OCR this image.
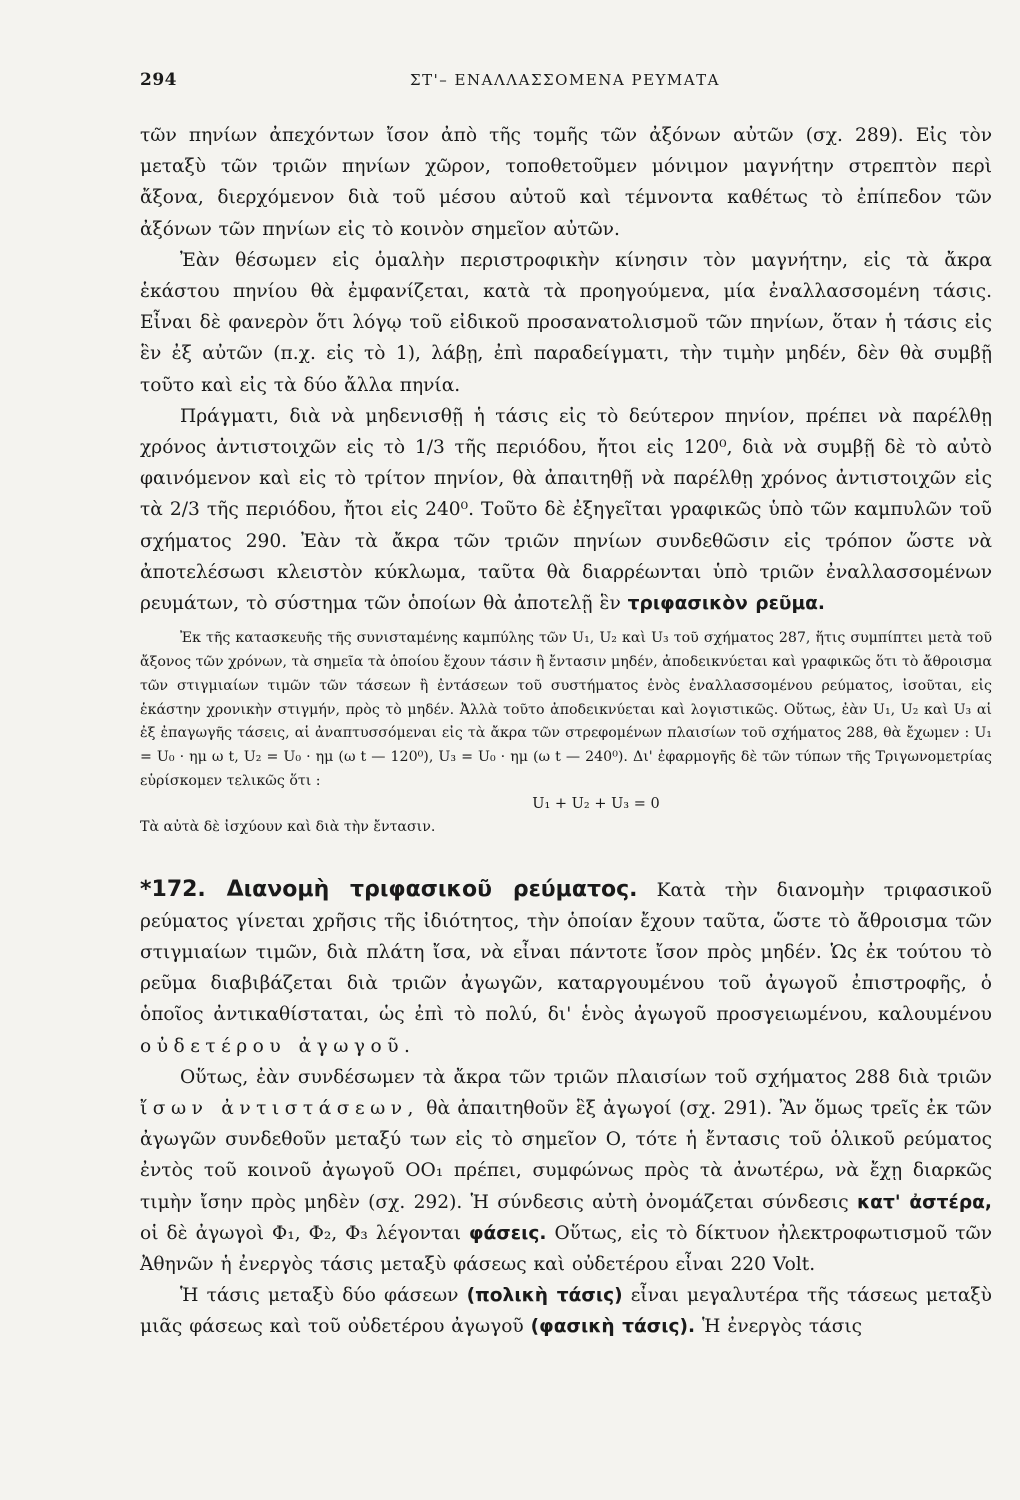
294	ΣΤ'– ΕΝΑΛΛΑΣΣΟΜΕΝΑ ΡΕΥΜΑΤΑ

τῶν πηνίων ἀπεχόντων ἴσον ἀπὸ τῆς τομῆς τῶν ἀξόνων αὐτῶν (σχ. 289). Εἰς τὸν μεταξὺ τῶν τριῶν πηνίων χῶρον, τοποθετοῦμεν μόνιμον μαγνήτην στρεπτὸν περὶ ἄξονα, διερχόμενον διὰ τοῦ μέσου αὐτοῦ καὶ τέμνοντα καθέτως τὸ ἐπίπεδον τῶν ἀξόνων τῶν πηνίων εἰς τὸ κοινὸν σημεῖον αὐτῶν.

Ἐὰν θέσωμεν εἰς ὁμαλὴν περιστροφικὴν κίνησιν τὸν μαγνήτην, εἰς τὰ ἄκρα ἑκάστου πηνίου θὰ ἐμφανίζεται, κατὰ τὰ προηγούμενα, μία ἐναλλασσομένη τάσις. Εἶναι δὲ φανερὸν ὅτι λόγῳ τοῦ εἰδικοῦ προσανατολισμοῦ τῶν πηνίων, ὅταν ἡ τάσις εἰς ἓν ἐξ αὐτῶν (π.χ. εἰς τὸ 1), λάβῃ, ἐπὶ παραδείγματι, τὴν τιμὴν μηδέν, δὲν θὰ συμβῇ τοῦτο καὶ εἰς τὰ δύο ἄλλα πηνία.

Πράγματι, διὰ νὰ μηδενισθῇ ἡ τάσις εἰς τὸ δεύτερον πηνίον, πρέπει νὰ παρέλθῃ χρόνος ἀντιστοιχῶν εἰς τὸ 1/3 τῆς περιόδου, ἤτοι εἰς 120⁰, διὰ νὰ συμβῇ δὲ τὸ αὐτὸ φαινόμενον καὶ εἰς τὸ τρίτον πηνίον, θὰ ἀπαιτηθῇ νὰ παρέλθῃ χρόνος ἀντιστοιχῶν εἰς τὰ 2/3 τῆς περιόδου, ἤτοι εἰς 240⁰. Τοῦτο δὲ ἐξηγεῖται γραφικῶς ὑπὸ τῶν καμπυλῶν τοῦ σχήματος 290. Ἐὰν τὰ ἄκρα τῶν τριῶν πηνίων συνδεθῶσιν εἰς τρόπον ὥστε νὰ ἀποτελέσωσι κλειστὸν κύκλωμα, ταῦτα θὰ διαρρέωνται ὑπὸ τριῶν ἐναλλασσομένων ρευμάτων, τὸ σύστημα τῶν ὁποίων θὰ ἀποτελῇ ἓν τριφασικὸν ρεῦμα.

Ἐκ τῆς κατασκευῆς τῆς συνισταμένης καμπύλης τῶν U₁, U₂ καὶ U₃ τοῦ σχήματος 287, ἥτις συμπίπτει μετὰ τοῦ ἄξονος τῶν χρόνων, τὰ σημεῖα τὰ ὁποίου ἔχουν τάσιν ἢ ἔντασιν μηδέν, ἀποδεικνύεται καὶ γραφικῶς ὅτι τὸ ἄθροισμα τῶν στιγμιαίων τιμῶν τῶν τάσεων ἢ ἐντάσεων τοῦ συστήματος ἑνὸς ἐναλλασσομένου ρεύματος, ἰσοῦται, εἰς ἑκάστην χρονικὴν στιγμήν, πρὸς τὸ μηδέν. Ἀλλὰ τοῦτο ἀποδεικνύεται καὶ λογιστικῶς. Οὕτως, ἐὰν U₁, U₂ καὶ U₃ αἱ ἐξ ἐπαγωγῆς τάσεις, αἱ ἀναπτυσσόμεναι εἰς τὰ ἄκρα τῶν στρεφομένων πλαισίων τοῦ σχήματος 288, θὰ ἔχωμεν : U₁ = U₀ · ημ ω t, U₂ = U₀ · ημ (ω t — 120⁰), U₃ = U₀ · ημ (ω t — 240⁰). Δι' ἐφαρμογῆς δὲ τῶν τύπων τῆς Τριγωνομετρίας εὑρίσκομεν τελικῶς ὅτι :

U₁ + U₂ + U₃ = 0

Τὰ αὐτὰ δὲ ἰσχύουν καὶ διὰ τὴν ἔντασιν.

*172. Διανομὴ τριφασικοῦ ρεύματος. Κατὰ τὴν διανομὴν τριφασικοῦ ρεύματος γίνεται χρῆσις τῆς ἰδιότητος, τὴν ὁποίαν ἔχουν ταῦτα, ὥστε τὸ ἄθροισμα τῶν στιγμιαίων τιμῶν, διὰ πλάτη ἴσα, νὰ εἶναι πάντοτε ἴσον πρὸς μηδέν. Ὡς ἐκ τούτου τὸ ρεῦμα διαβιβάζεται διὰ τριῶν ἀγωγῶν, καταργουμένου τοῦ ἀγωγοῦ ἐπιστροφῆς, ὁ ὁποῖος ἀντικαθίσταται, ὡς ἐπὶ τὸ πολύ, δι' ἑνὸς ἀγωγοῦ προσγειωμένου, καλουμένου οὐδετέρου ἀγωγοῦ.

Οὕτως, ἐὰν συνδέσωμεν τὰ ἄκρα τῶν τριῶν πλαισίων τοῦ σχήματος 288 διὰ τριῶν ἴσων ἀντιστάσεων, θὰ ἀπαιτηθοῦν ἓξ ἀγωγοί (σχ. 291). Ἂν ὅμως τρεῖς ἐκ τῶν ἀγωγῶν συνδεθοῦν μεταξύ των εἰς τὸ σημεῖον Ο, τότε ἡ ἔντασις τοῦ ὁλικοῦ ρεύματος ἐντὸς τοῦ κοινοῦ ἀγωγοῦ ΟΟ₁ πρέπει, συμφώνως πρὸς τὰ ἀνωτέρω, νὰ ἔχῃ διαρκῶς τιμὴν ἴσην πρὸς μηδὲν (σχ. 292). Ἡ σύνδεσις αὐτὴ ὀνομάζεται σύνδεσις κατ' ἀστέρα, οἱ δὲ ἀγωγοὶ Φ₁, Φ₂, Φ₃ λέγονται φάσεις. Οὕτως, εἰς τὸ δίκτυον ἠλεκτροφωτισμοῦ τῶν Ἀθηνῶν ἡ ἐνεργὸς τάσις μεταξὺ φάσεως καὶ οὐδετέρου εἶναι 220 Volt.

Ἡ τάσις μεταξὺ δύο φάσεων (πολικὴ τάσις) εἶναι μεγαλυτέρα τῆς τάσεως μεταξὺ μιᾶς φάσεως καὶ τοῦ οὐδετέρου ἀγωγοῦ (φασικὴ τάσις). Ἡ ἐνεργὸς τάσις
